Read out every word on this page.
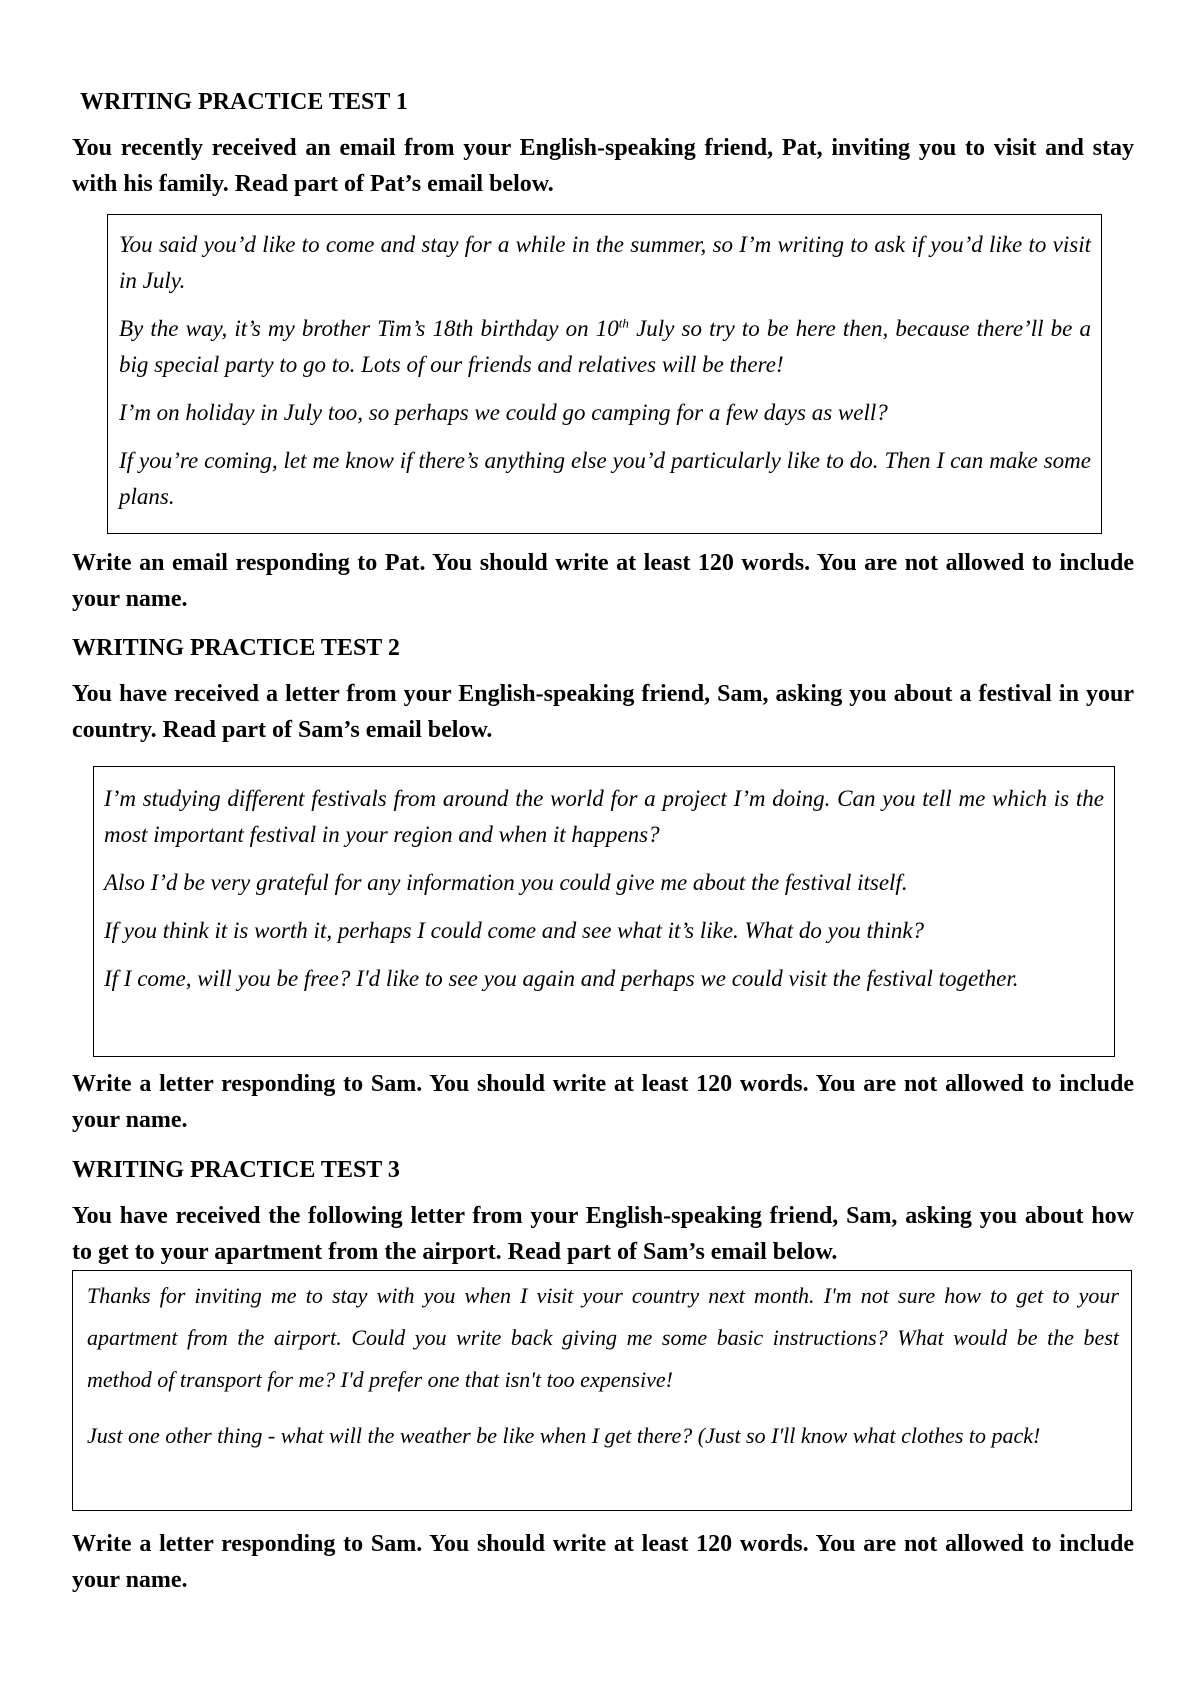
WRITING PRACTICE TEST 1

You recently received an email from your English-speaking friend, Pat, inviting you to visit and stay with his family. Read part of Pat’s email below.

You said you’d like to come and stay for a while in the summer, so I’m writing to ask if you’d like to visit in July.

By the way, it’s my brother Tim’s 18th birthday on 10th July so try to be here then, because there’ll be a big special party to go to. Lots of our friends and relatives will be there!

I’m on holiday in July too, so perhaps we could go camping for a few days as well?

If you’re coming, let me know if there’s anything else you’d particularly like to do. Then I can make some plans.

Write an email responding to Pat. You should write at least 120 words. You are not allowed to include your name.

WRITING PRACTICE TEST 2

You have received a letter from your English-speaking friend, Sam, asking you about a festival in your country. Read part of Sam’s email below.

I’m studying different festivals from around the world for a project I’m doing. Can you tell me which is the most important festival in your region and when it happens?

Also I’d be very grateful for any information you could give me about the festival itself.

If you think it is worth it, perhaps I could come and see what it’s like. What do you think?

If I come, will you be free? I'd like to see you again and perhaps we could visit the festival together.

Write a letter responding to Sam. You should write at least 120 words. You are not allowed to include your name.

WRITING PRACTICE TEST 3

You have received the following letter from your English-speaking friend, Sam, asking you about how to get to your apartment from the airport. Read part of Sam’s email below.

Thanks for inviting me to stay with you when I visit your country next month. I'm not sure how to get to your apartment from the airport. Could you write back giving me some basic instructions? What would be the best method of transport for me? I'd prefer one that isn't too expensive!

Just one other thing - what will the weather be like when I get there? (Just so I'll know what clothes to pack!

Write a letter responding to Sam. You should write at least 120 words. You are not allowed to include your name.
